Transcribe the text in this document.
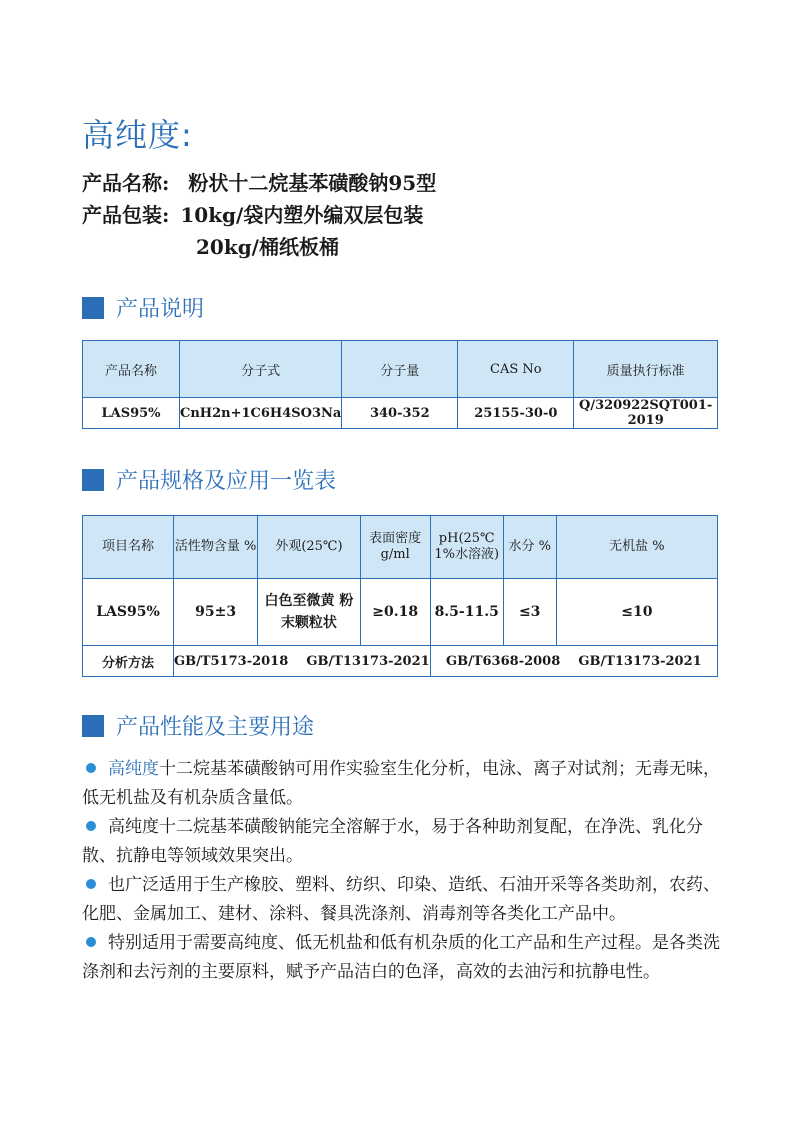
高纯度:
产品名称: 粉状十二烷基苯磺酸钠95型
产品包装: 10kg/袋内塑外编双层包装
20kg/桶纸板桶
产品说明
产品名称	分子式	分子量	CAS No	质量执行标准
LAS95%	CnH2n+1C6H4SO3Na	340-352	25155-30-0	Q/320922SQT001-2019
产品规格及应用一览表
项目名称	活性物含量 %	外观(25℃)	表面密度 g/ml	pH(25℃ 1%水溶液)	水分 %	无机盐 %
LAS95%	95±3	白色至微黄 粉末颗粒状	≥0.18	8.5-11.5	≤3	≤10
分析方法	GB/T5173-2018    GB/T13173-2021			GB/T6368-2008    GB/T13173-2021		
产品性能及主要用途

高纯度十二烷基苯磺酸钠可用作实验室生化分析，电泳、离子对试剂；无毒无味，低无机盐及有机杂质含量低。

高纯度十二烷基苯磺酸钠能完全溶解于水，易于各种助剂复配，在净洗、乳化分散、抗静电等领域效果突出。

也广泛适用于生产橡胶、塑料、纺织、印染、造纸、石油开采等各类助剂，农药、化肥、金属加工、建材、涂料、餐具洗涤剂、消毒剂等各类化工产品中。

特别适用于需要高纯度、低无机盐和低有机杂质的化工产品和生产过程。是各类洗涤剂和去污剂的主要原料，赋予产品洁白的色泽，高效的去油污和抗静电性。
